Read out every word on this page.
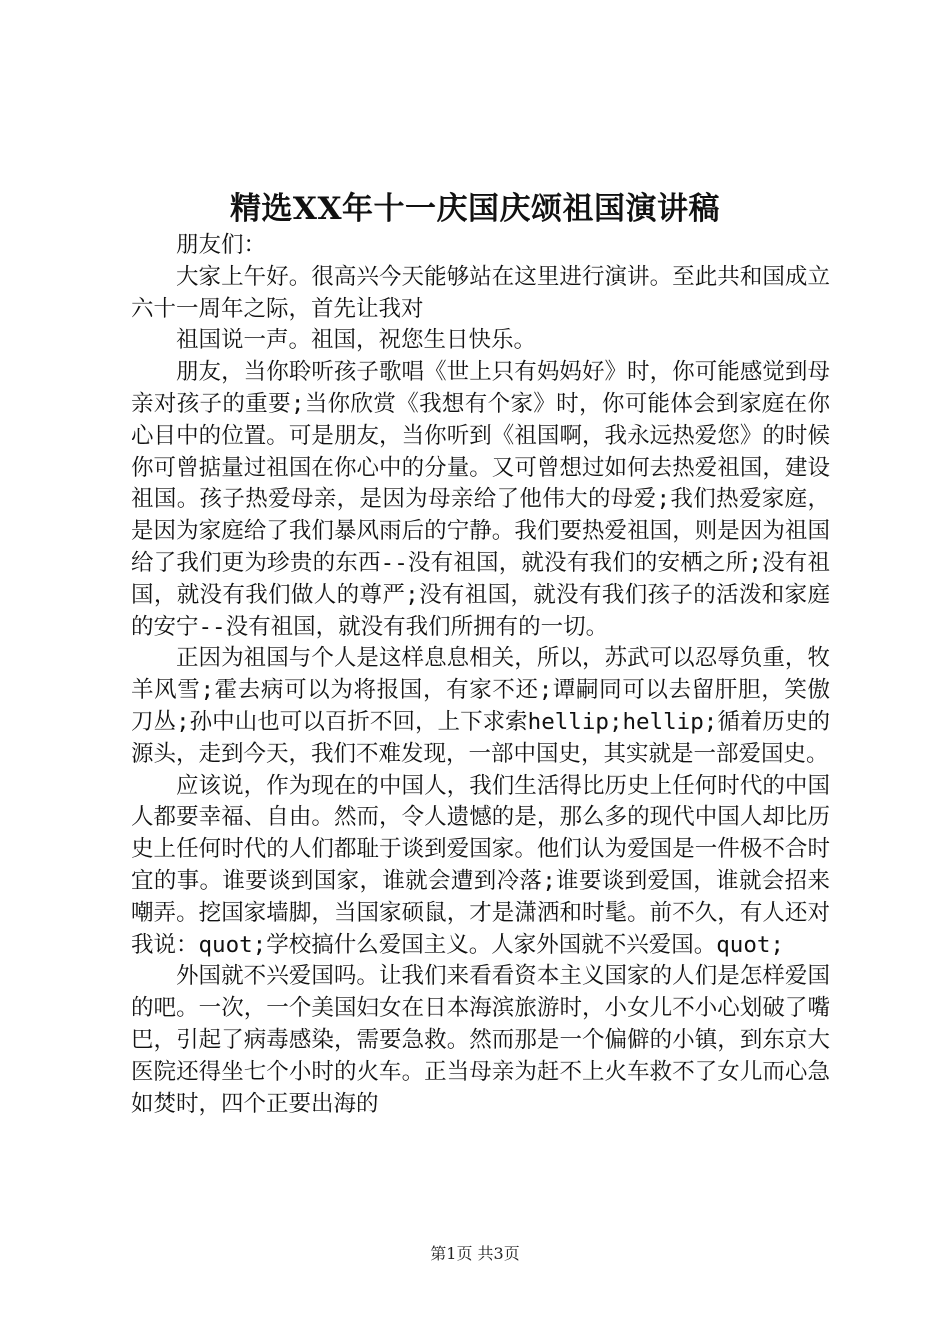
精选XX年十一庆国庆颂祖国演讲稿

朋友们：

大家上午好。很高兴今天能够站在这里进行演讲。至此共和国成立六十一周年之际，首先让我对

祖国说一声。祖国，祝您生日快乐。

朋友，当你聆听孩子歌唱《世上只有妈妈好》时，你可能感觉到母亲对孩子的重要;当你欣赏《我想有个家》时，你可能体会到家庭在你心目中的位置。可是朋友，当你听到《祖国啊，我永远热爱您》的时候你可曾掂量过祖国在你心中的分量。又可曾想过如何去热爱祖国，建设祖国。孩子热爱母亲，是因为母亲给了他伟大的母爱;我们热爱家庭，是因为家庭给了我们暴风雨后的宁静。我们要热爱祖国，则是因为祖国给了我们更为珍贵的东西--没有祖国，就没有我们的安栖之所;没有祖国，就没有我们做人的尊严;没有祖国，就没有我们孩子的活泼和家庭的安宁--没有祖国，就没有我们所拥有的一切。

正因为祖国与个人是这样息息相关，所以，苏武可以忍辱负重，牧羊风雪;霍去病可以为将报国，有家不还;谭嗣同可以去留肝胆，笑傲刀丛;孙中山也可以百折不回，上下求索hellip;hellip;循着历史的源头，走到今天，我们不难发现，一部中国史，其实就是一部爱国史。

应该说，作为现在的中国人，我们生活得比历史上任何时代的中国人都要幸福、自由。然而，令人遗憾的是，那么多的现代中国人却比历史上任何时代的人们都耻于谈到爱国家。他们认为爱国是一件极不合时宜的事。谁要谈到国家，谁就会遭到冷落;谁要谈到爱国，谁就会招来嘲弄。挖国家墙脚，当国家硕鼠，才是潇洒和时髦。前不久，有人还对我说：quot;学校搞什么爱国主义。人家外国就不兴爱国。quot;

外国就不兴爱国吗。让我们来看看资本主义国家的人们是怎样爱国的吧。一次，一个美国妇女在日本海滨旅游时，小女儿不小心划破了嘴巴，引起了病毒感染，需要急救。然而那是一个偏僻的小镇，到东京大医院还得坐七个小时的火车。正当母亲为赶不上火车救不了女儿而心急如焚时，四个正要出海的

第1页 共3页
